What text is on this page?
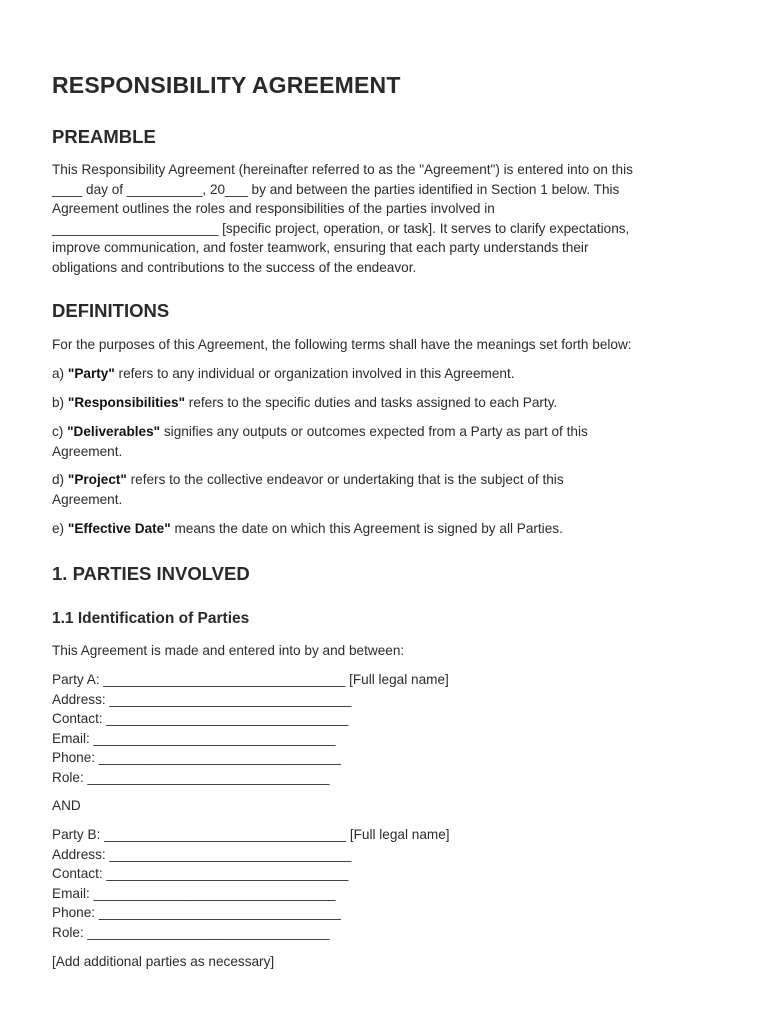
RESPONSIBILITY AGREEMENT
PREAMBLE
This Responsibility Agreement (hereinafter referred to as the "Agreement") is entered into on this
____ day of __________, 20___ by and between the parties identified in Section 1 below. This
Agreement outlines the roles and responsibilities of the parties involved in
______________________ [specific project, operation, or task]. It serves to clarify expectations,
improve communication, and foster teamwork, ensuring that each party understands their
obligations and contributions to the success of the endeavor.
DEFINITIONS

For the purposes of this Agreement, the following terms shall have the meanings set forth below:

a) "Party" refers to any individual or organization involved in this Agreement.
b) "Responsibilities" refers to the specific duties and tasks assigned to each Party.
c) "Deliverables" signifies any outputs or outcomes expected from a Party as part of this
Agreement.
d) "Project" refers to the collective endeavor or undertaking that is the subject of this
Agreement.
e) "Effective Date" means the date on which this Agreement is signed by all Parties.
1. PARTIES INVOLVED
1.1 Identification of Parties

This Agreement is made and entered into by and between:

Party A: ________________________________ [Full legal name]
Address: ________________________________
Contact: ________________________________
Email: ________________________________
Phone: ________________________________
Role: ________________________________

AND

Party B: ________________________________ [Full legal name]
Address: ________________________________
Contact: ________________________________
Email: ________________________________
Phone: ________________________________
Role: ________________________________

[Add additional parties as necessary]
